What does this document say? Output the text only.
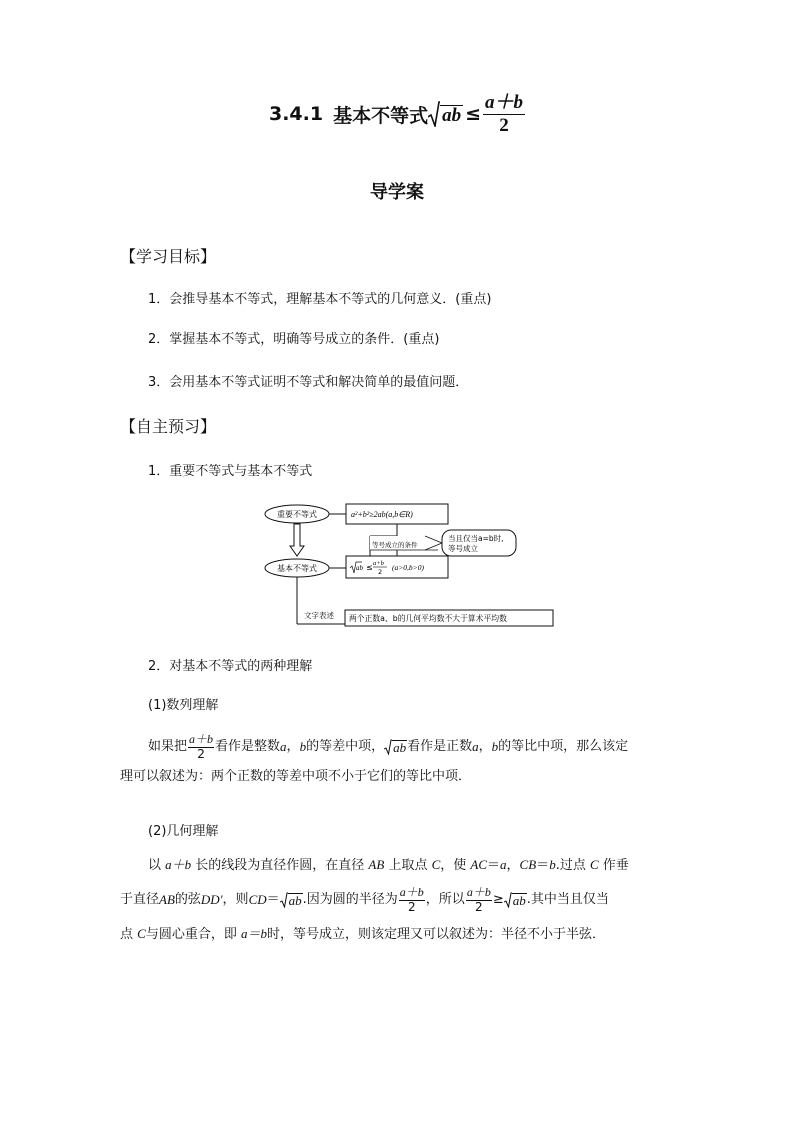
3.4.1 基本不等式 ab ≤ $\frac{a+b}{2}$
导学案
【学习目标】
1．会推导基本不等式，理解基本不等式的几何意义．(重点)
2．掌握基本不等式，明确等号成立的条件．(重点)
3．会用基本不等式证明不等式和解决简单的最值问题．
【自主预习】
1．重要不等式与基本不等式
重要不等式
基本不等式
a²+b²≥2ab(a,b∈R)
ab ≤ a+b
2 (a>0,b>0)
等号成立的条件
当且仅当a=b时,
等号成立
文字表述 两个正数a、b的几何平均数不大于算术平均数
2．对基本不等式的两种理解
(1)数列理解
如果把 $\frac{a+b}{2}$ 看作是整数 a ， b 的等差中项， ab 看作是正数 a ， b 的等比中项，那么该定
理可以叙述为：两个正数的等差中项不小于它们的等比中项．
(2)几何理解
以 a＋b 长的线段为直径作圆，在直径 AB 上取点 C，使 AC＝a，CB＝b.过点 C 作垂
于直径 AB 的弦 DD′ ，则 CD ＝ ab .因为圆的半径为 $\frac{a+b}{2}$ ，所以 $\frac{a+b}{2}$ ≥ ab .其中当且仅当
点 C与圆心重合，即 a＝b时，等号成立，则该定理又可以叙述为：半径不小于半弦．
